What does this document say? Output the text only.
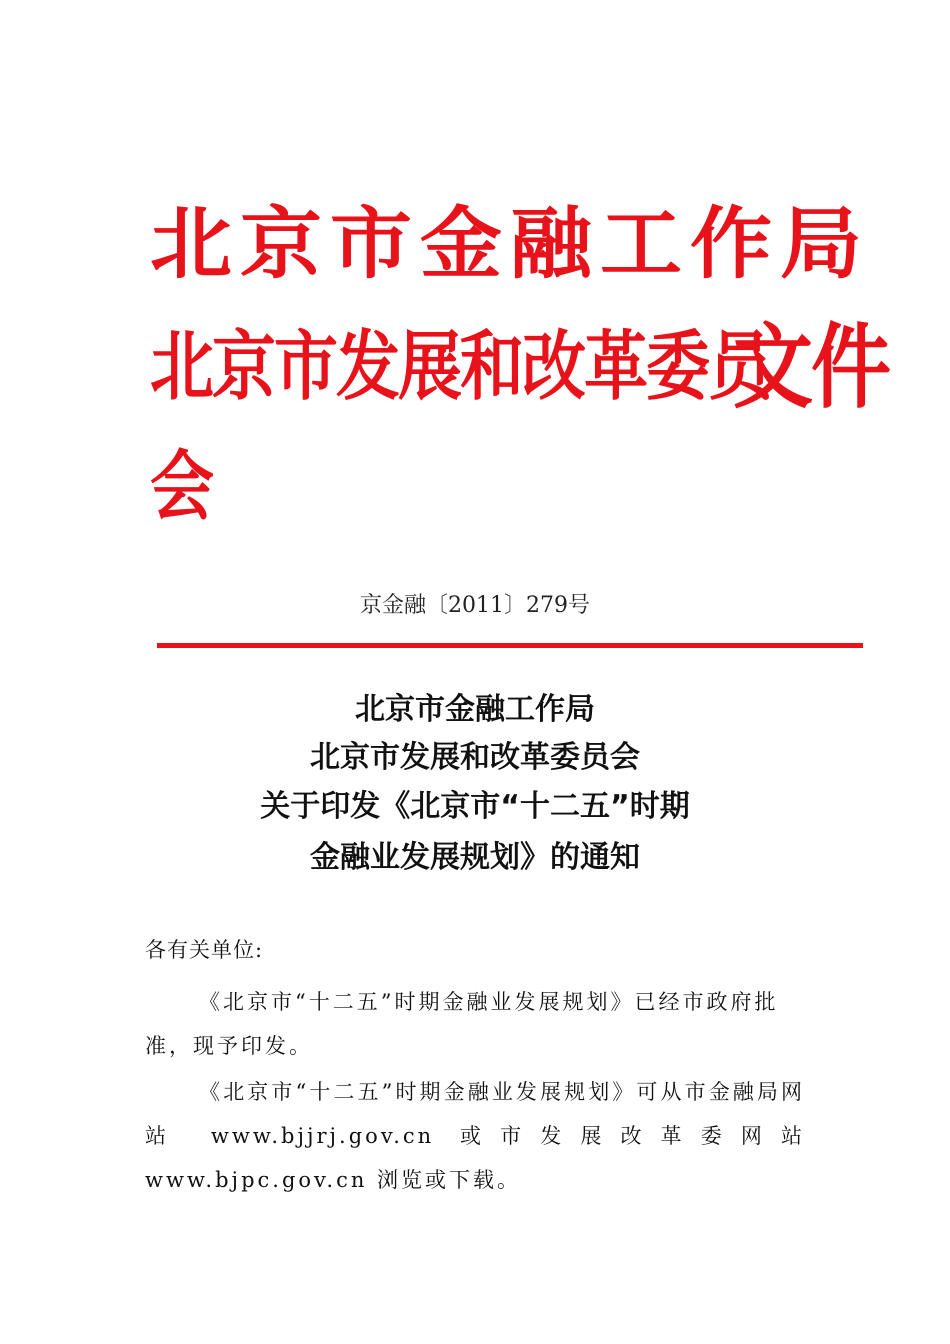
北京市金融工作局
北京市发展和改革委员
文件
会
京金融〔2011〕279号
北京市金融工作局
北京市发展和改革委员会
关于印发《北京市“十二五”时期
金融业发展规划》的通知
各有关单位:
《北京市“十二五”时期金融业发展规划》已经市政府批准，现予印发。
《北京市“十二五”时期金融业发展规划》可从市金融局网站 www.bjjrj.gov.cn 或市发展改革委网站 www.bjpc.gov.cn 浏览或下载。
